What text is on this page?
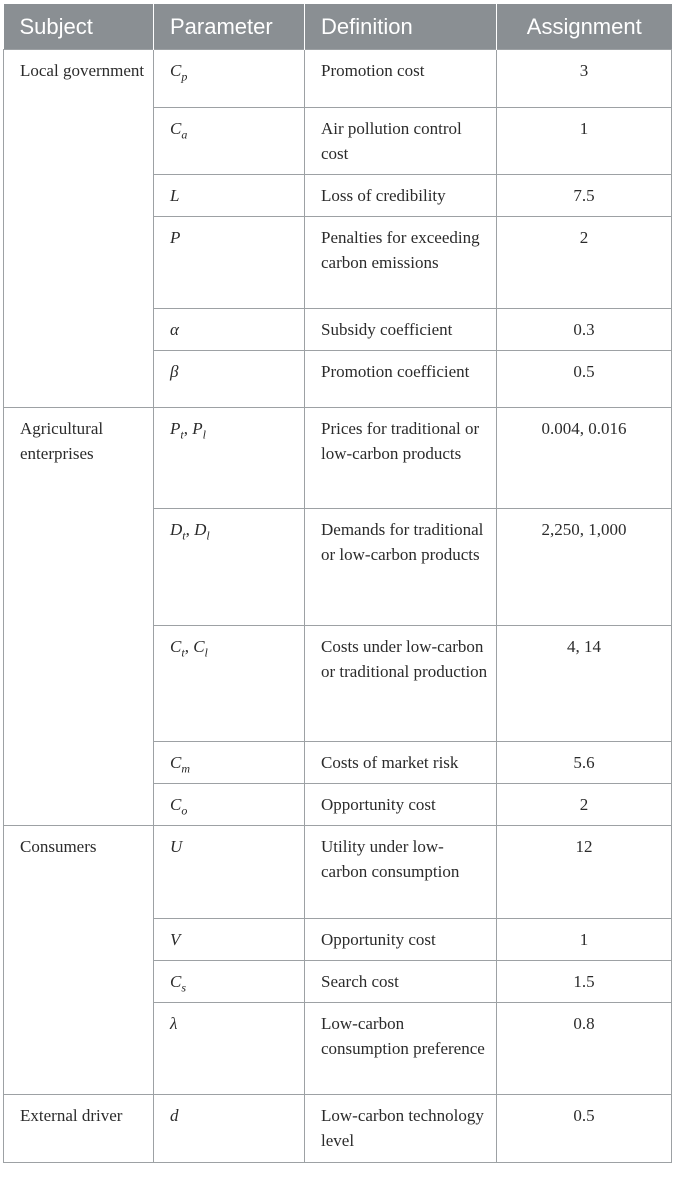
Subject	Parameter	Definition	Assignment
Local government	$C_p$	Promotion cost	3
	$C_a$	Air pollution control cost	1
	L	Loss of credibility	7.5
	P	Penalties for exceeding carbon emissions	2
	α	Subsidy coefficient	0.3
	β	Promotion coefficient	0.5
Agricultural enterprises	$P_t$, $P_l$	Prices for traditional or low-carbon products	0.004, 0.016
	$D_t$, $D_l$	Demands for traditional or low-carbon products	2,250, 1,000
	$C_t$, $C_l$	Costs under low-carbon or traditional production	4, 14
	$C_m$	Costs of market risk	5.6
	$C_o$	Opportunity cost	2
Consumers	U	Utility under low-carbon consumption	12
	V	Opportunity cost	1
	$C_s$	Search cost	1.5
	λ	Low-carbon consumption preference	0.8
External driver	d	Low-carbon technology level	0.5
